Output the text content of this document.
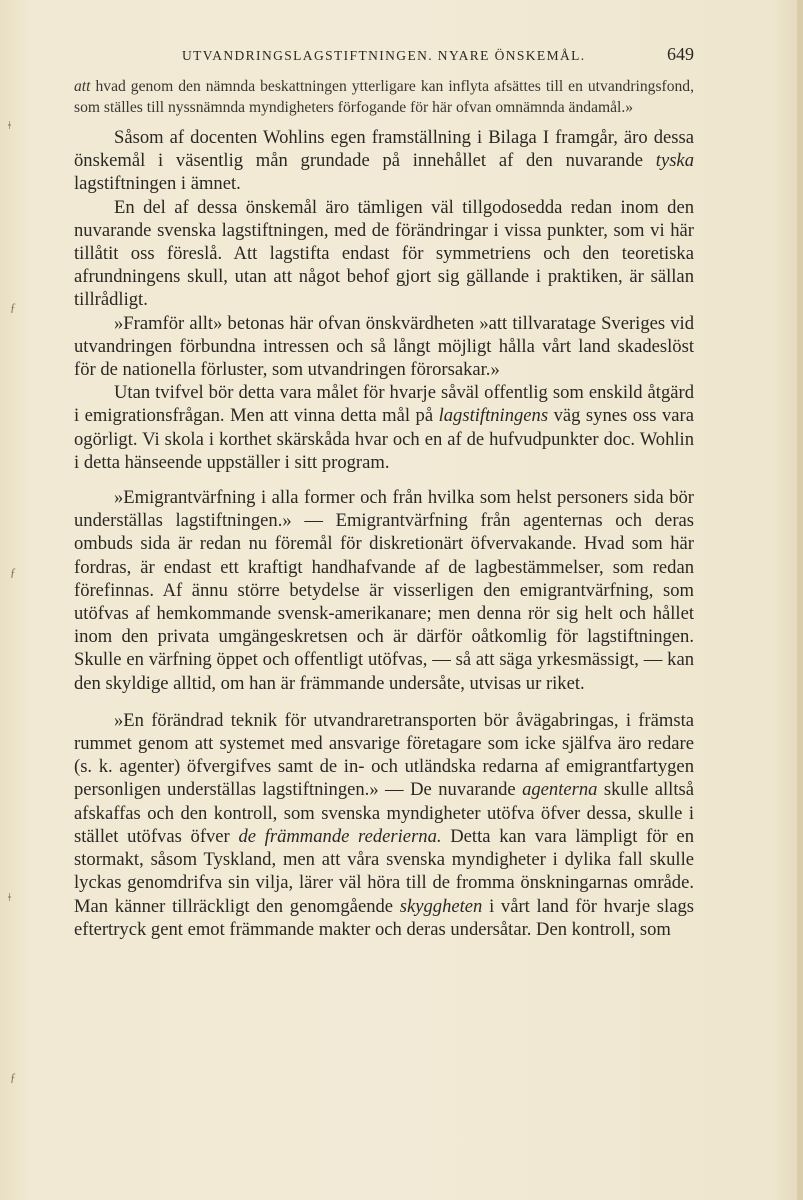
ǂ
ƒ
ƒ
ǂ
ƒ
UTVANDRINGSLAGSTIFTNINGEN. NYARE ÖNSKEMÅL.	649
att hvad genom den nämnda beskattningen ytterligare kan inflyta afsättes till en utvandringsfond, som ställes till nyssnämnda myndigheters förfogande för här ofvan omnämnda ändamål.»

Såsom af docenten Wohlins egen framställning i Bilaga I framgår, äro dessa önskemål i väsentlig mån grundade på innehållet af den nuvarande tyska lagstiftningen i ämnet.

En del af dessa önskemål äro tämligen väl tillgodosedda redan inom den nuvarande svenska lagstiftningen, med de förändringar i vissa punkter, som vi här tillåtit oss föreslå. Att lagstifta endast för symmetriens och den teoretiska afrundningens skull, utan att något behof gjort sig gällande i praktiken, är sällan tillrådligt.

»Framför allt» betonas här ofvan önskvärdheten »att tillvaratage Sveriges vid utvandringen förbundna intressen och så långt möjligt hålla vårt land skadeslöst för de nationella förluster, som utvandringen förorsakar.»

Utan tvifvel bör detta vara målet för hvarje såväl offentlig som enskild åtgärd i emigrationsfrågan. Men att vinna detta mål på lagstiftningens väg synes oss vara ogörligt. Vi skola i korthet skärskåda hvar och en af de hufvudpunkter doc. Wohlin i detta hänseende uppställer i sitt program.

»Emigrantvärfning i alla former och från hvilka som helst personers sida bör underställas lagstiftningen.» — Emigrantvärfning från agenternas och deras ombuds sida är redan nu föremål för diskretionärt öfvervakande. Hvad som här fordras, är endast ett kraftigt handhafvande af de lagbestämmelser, som redan förefinnas. Af ännu större betydelse är visserligen den emigrantvärfning, som utöfvas af hemkommande svensk-amerikanare; men denna rör sig helt och hållet inom den privata umgängeskretsen och är därför oåtkomlig för lagstiftningen. Skulle en värfning öppet och offentligt utöfvas, — så att säga yrkesmässigt, — kan den skyldige alltid, om han är främmande undersåte, utvisas ur riket.

»En förändrad teknik för utvandraretransporten bör åvägabringas, i främsta rummet genom att systemet med ansvarige företagare som icke själfva äro redare (s. k. agenter) öfvergifves samt de in- och utländska redarna af emigrantfartygen personligen underställas lagstiftningen.» — De nuvarande agenterna skulle alltså afskaffas och den kontroll, som svenska myndigheter utöfva öfver dessa, skulle i stället utöfvas öfver de främmande rederierna. Detta kan vara lämpligt för en stormakt, såsom Tyskland, men att våra svenska myndigheter i dylika fall skulle lyckas genomdrifva sin vilja, lärer väl höra till de fromma önskningarnas område. Man känner tillräckligt den genomgående skyggheten i vårt land för hvarje slags eftertryck gent emot främmande makter och deras undersåtar. Den kontroll, som
